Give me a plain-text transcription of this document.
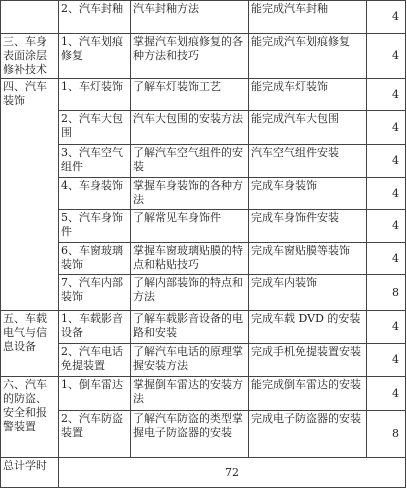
	2、汽车封釉	汽车封釉方法	能完成汽车封釉	4
三、车身表面涂层修补技术	1、汽车划痕修复	掌握汽车划痕修复的各种方法和技巧	能完成汽车划痕修复	4
四、汽车装饰	1、车灯装饰	了解车灯装饰工艺	能完成车灯装饰	4
	2、汽车大包围	汽车大包围的安装方法	能完成汽车大包围	4
	3、汽车空气组件	了解汽车空气组件的安装	汽车空气组件安装	4
	4、车身装饰	掌握车身装饰的各种方法	完成车身装饰	4
	5、汽车身饰件	了解常见车身饰件	完成车身饰件安装	4
	6、车窗玻璃装饰	掌握车窗玻璃贴膜的特点和粘贴技巧	完成车窗贴膜等装饰	4
	7、汽车内部装饰	了解内部装饰的特点和方法	完成车内装饰	8
五、车载电气与信息设备	1、车载影音设备	了解车载影音设备的电路和安装	完成车载 DVD 的安装	4
	2、汽车电话免提装置	了解汽车电话的原理掌握安装方法	完成手机免提装置安装	4
六、汽车的防盗、安全和报警装置	1、倒车雷达	掌握倒车雷达的安装方法	能完成倒车雷达的安装	4
	2、汽车防盗装置	了解汽车防盗的类型掌握电子防盗器的安装	完成电子防盗器的安装	8
总计学时	72			
